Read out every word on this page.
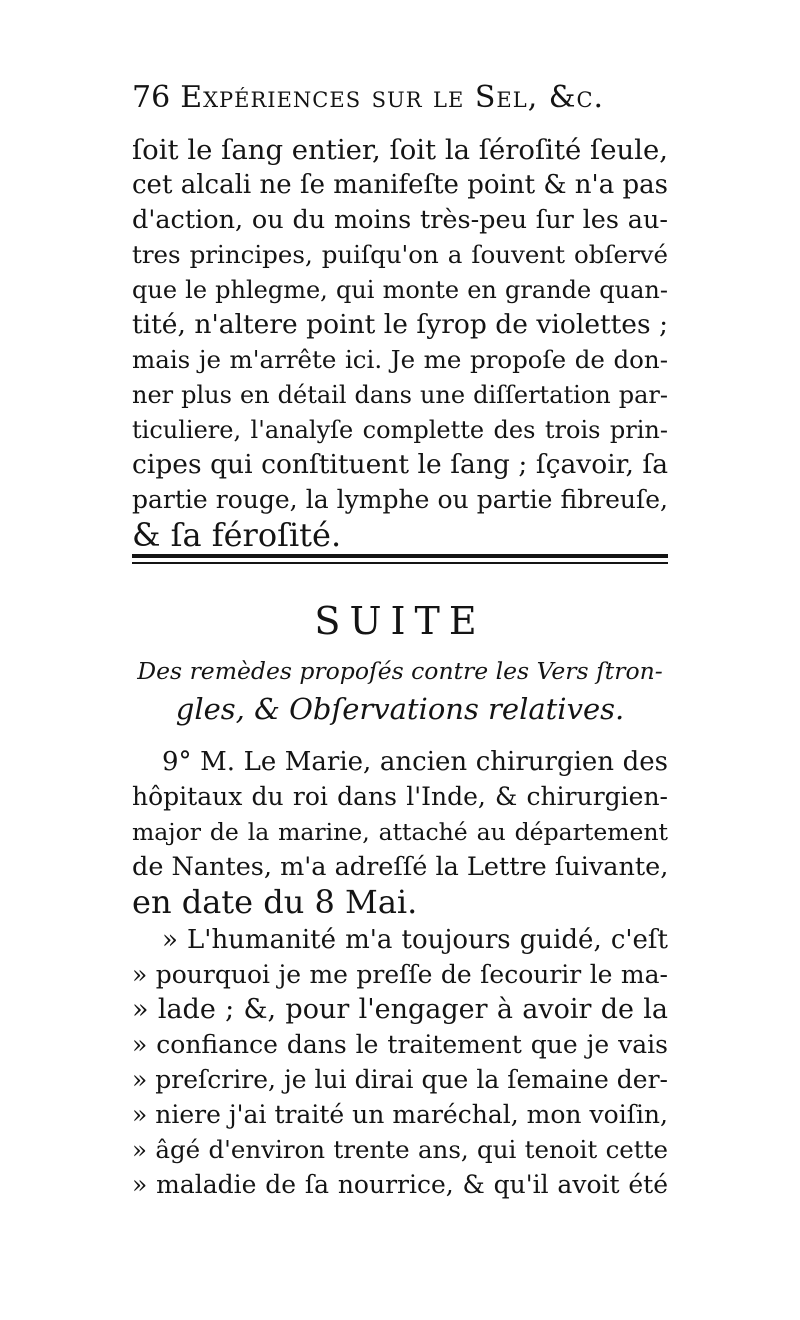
76 Expériences sur le Sel, &c.

ſoit le ſang entier, ſoit la ſéroſité ſeule,

cet alcali ne ſe manifeſte point & n'a pas

d'action, ou du moins très-peu ſur les au-

tres principes, puiſqu'on a ſouvent obſervé

que le phlegme, qui monte en grande quan-

tité, n'altere point le ſyrop de violettes ;

mais je m'arrête ici. Je me propoſe de don-

ner plus en détail dans une diſſertation par-

ticuliere, l'analyſe complette des trois prin-

cipes qui conſtituent le ſang ; ſçavoir, ſa

partie rouge, la lymphe ou partie fibreuſe,

& ſa féroſité.

SUITE

Des remèdes propoſés contre les Vers ſtron-

gles, & Obſervations relatives.

9° M. Le Marie, ancien chirurgien des

hôpitaux du roi dans l'Inde, & chirurgien-

major de la marine, attaché au département

de Nantes, m'a adreſſé la Lettre ſuivante,

en date du 8 Mai.

» L'humanité m'a toujours guidé, c'eſt

» pourquoi je me preſſe de ſecourir le ma-

» lade ; &, pour l'engager à avoir de la

» confiance dans le traitement que je vais

» preſcrire, je lui dirai que la ſemaine der-

» niere j'ai traité un maréchal, mon voiſin,

» âgé d'environ trente ans, qui tenoit cette

» maladie de ſa nourrice, & qu'il avoit été
